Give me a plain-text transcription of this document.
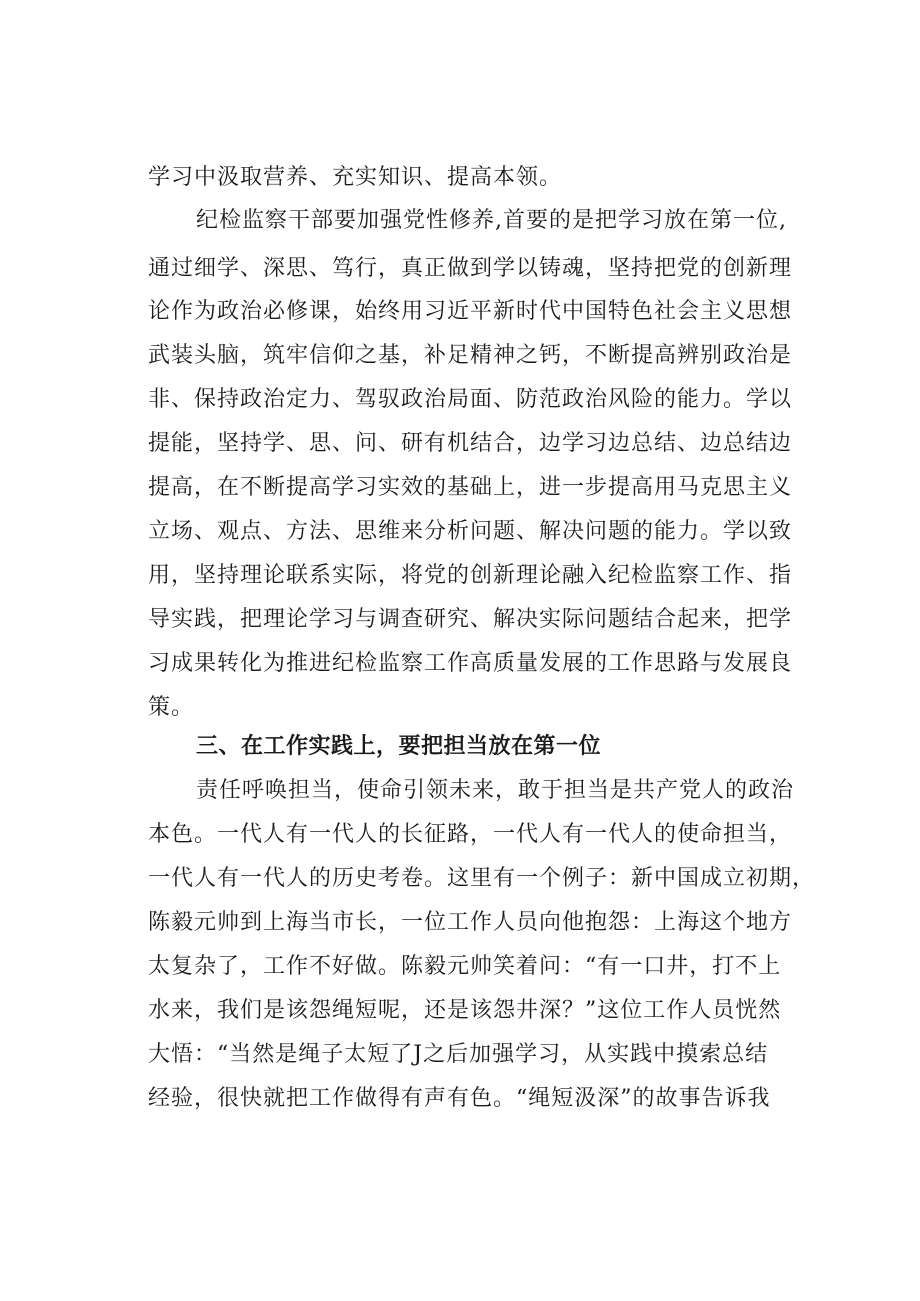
学习中汲取营养、充实知识、提高本领。
纪检监察干部要加强党性修养,首要的是把学习放在第一位,
通过细学、深思、笃行，真正做到学以铸魂，坚持把党的创新理
论作为政治必修课，始终用习近平新时代中国特色社会主义思想
武装头脑，筑牢信仰之基，补足精神之钙，不断提高辨别政治是
非、保持政治定力、驾驭政治局面、防范政治风险的能力。学以
提能，坚持学、思、问、研有机结合，边学习边总结、边总结边
提高，在不断提高学习实效的基础上，进一步提高用马克思主义
立场、观点、方法、思维来分析问题、解决问题的能力。学以致
用，坚持理论联系实际，将党的创新理论融入纪检监察工作、指
导实践，把理论学习与调查研究、解决实际问题结合起来，把学
习成果转化为推进纪检监察工作高质量发展的工作思路与发展良
策。
三、在工作实践上，要把担当放在第一位
责任呼唤担当，使命引领未来，敢于担当是共产党人的政治
本色。一代人有一代人的长征路，一代人有一代人的使命担当，
一代人有一代人的历史考卷。这里有一个例子：新中国成立初期，
陈毅元帅到上海当市长，一位工作人员向他抱怨：上海这个地方
太复杂了，工作不好做。陈毅元帅笑着问：“有一口井，打不上
水来，我们是该怨绳短呢，还是该怨井深？”这位工作人员恍然
大悟：“当然是绳子太短了J之后加强学习，从实践中摸索总结
经验，很快就把工作做得有声有色。“绳短汲深”的故事告诉我
